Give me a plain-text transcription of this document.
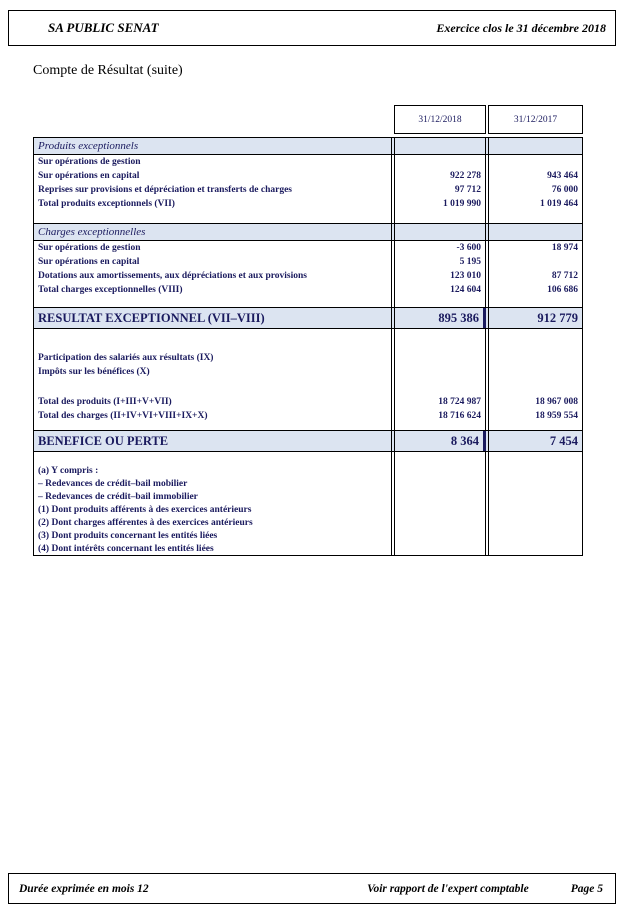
SA PUBLIC SENAT	Exercice clos le 31 décembre 2018
Compte de Résultat (suite)
31/12/2018	31/12/2017
Produits exceptionnels
Sur opérations de gestion
Sur opérations en capital	922 278	943 464
Reprises sur provisions et dépréciation et transferts de charges	97 712	76 000
Total produits exceptionnels (VII)	1 019 990	1 019 464
Charges exceptionnelles
Sur opérations de gestion	-3 600	18 974
Sur opérations en capital	5 195
Dotations aux amortissements, aux dépréciations et aux provisions	123 010	87 712
Total charges exceptionnelles (VIII)	124 604	106 686
RESULTAT EXCEPTIONNEL (VII–VIII)	895 386	912 779
Participation des salariés aux résultats (IX)
Impôts sur les bénéfices (X)
Total des produits (I+III+V+VII)	18 724 987	18 967 008
Total des charges (II+IV+VI+VIII+IX+X)	18 716 624	18 959 554
BENEFICE OU PERTE	8 364	7 454
(a) Y compris :
– Redevances de crédit–bail mobilier
– Redevances de crédit–bail immobilier
(1) Dont produits afférents à des exercices antérieurs
(2) Dont charges afférentes à des exercices antérieurs
(3) Dont produits concernant les entités liées
(4) Dont intérêts concernant les entités liées
Durée exprimée en mois 12	Voir rapport de l'expert comptable	Page 5
